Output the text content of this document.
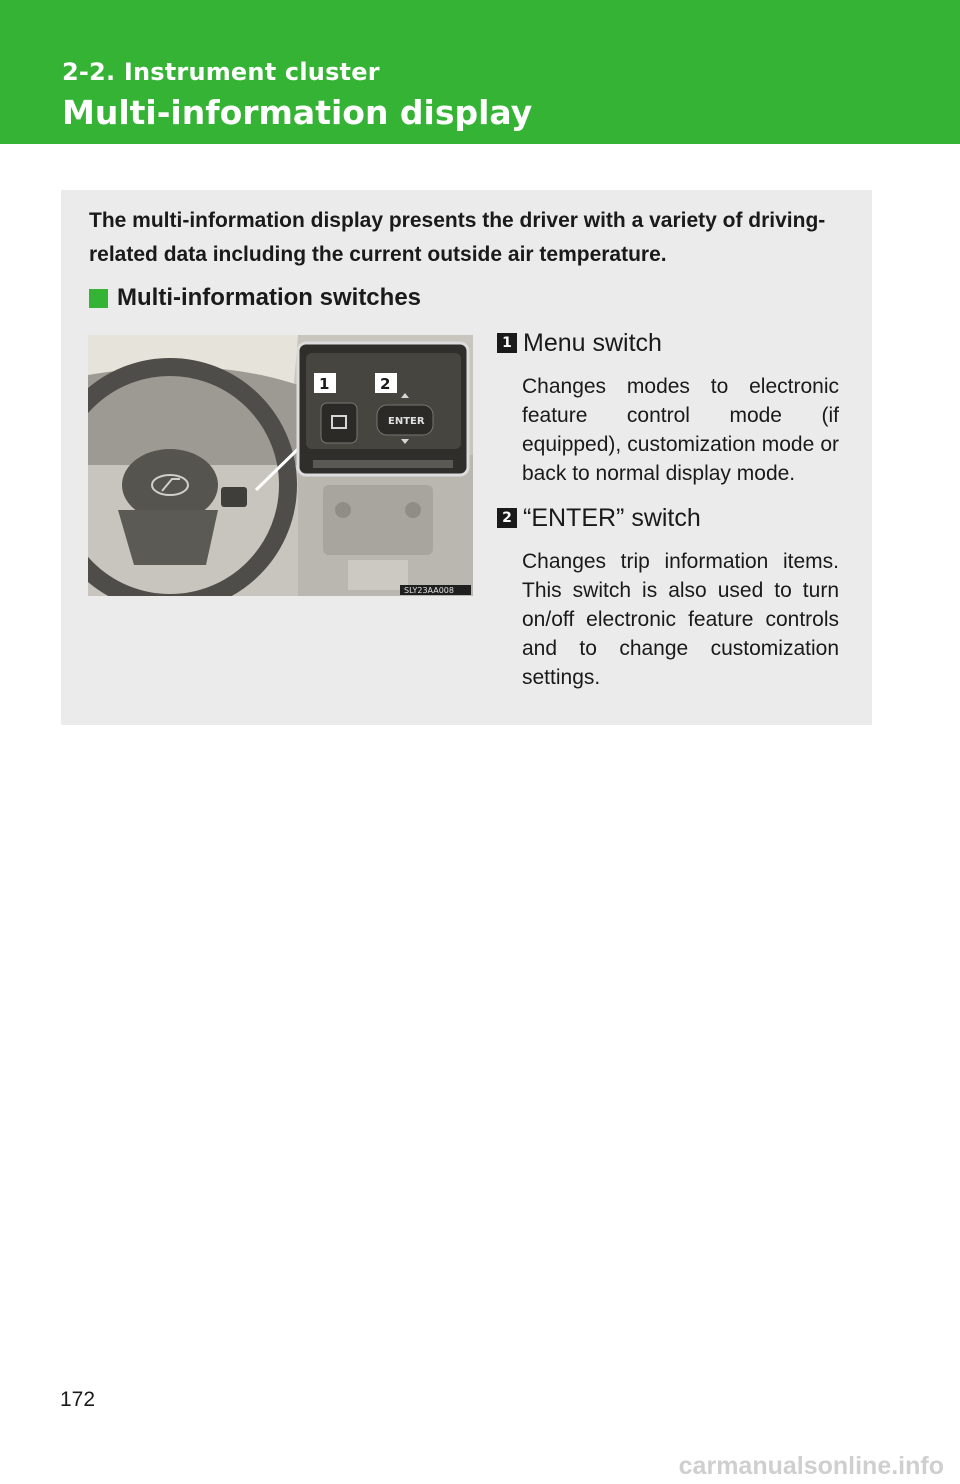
2-2. Instrument cluster
Multi-information display
The multi-information display presents the driver with a variety of driving-related data including the current outside air temperature.
Multi-information switches
1	2
ENTER
SLY23AA008
1 Menu switch
Changes modes to electronic feature control mode (if equipped), customization mode or back to normal display mode.
2 “ENTER” switch
Changes trip information items. This switch is also used to turn on/off electronic feature controls and to change customization settings.
172
carmanualsonline.info
